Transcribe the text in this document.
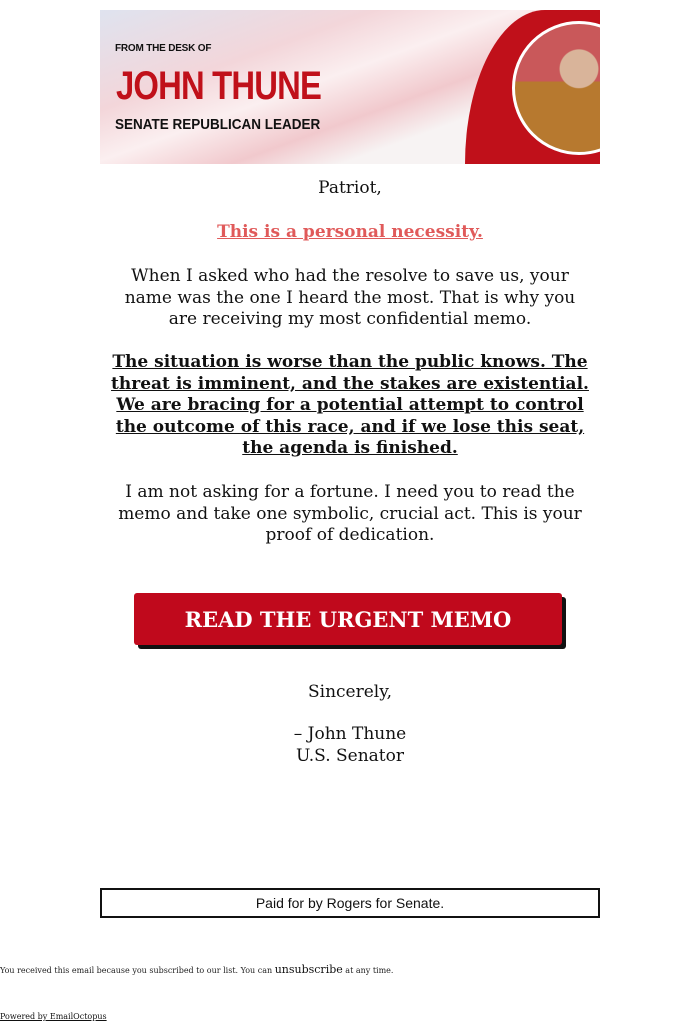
FROM THE DESK OF
JOHN THUNE
SENATE REPUBLICAN LEADER
Patriot,
This is a personal necessity.
When I asked who had the resolve to save us, your name was the one I heard the most. That is why you are receiving my most confidential memo.
The situation is worse than the public knows. The threat is imminent, and the stakes are existential. We are bracing for a potential attempt to control the outcome of this race, and if we lose this seat, the agenda is finished.
I am not asking for a fortune. I need you to read the memo and take one symbolic, crucial act. This is your proof of dedication.
READ THE URGENT MEMO
Sincerely,
– John Thune
U.S. Senator
Paid for by Rogers for Senate.
You received this email because you subscribed to our list. You can unsubscribe at any time.
Powered by EmailOctopus
